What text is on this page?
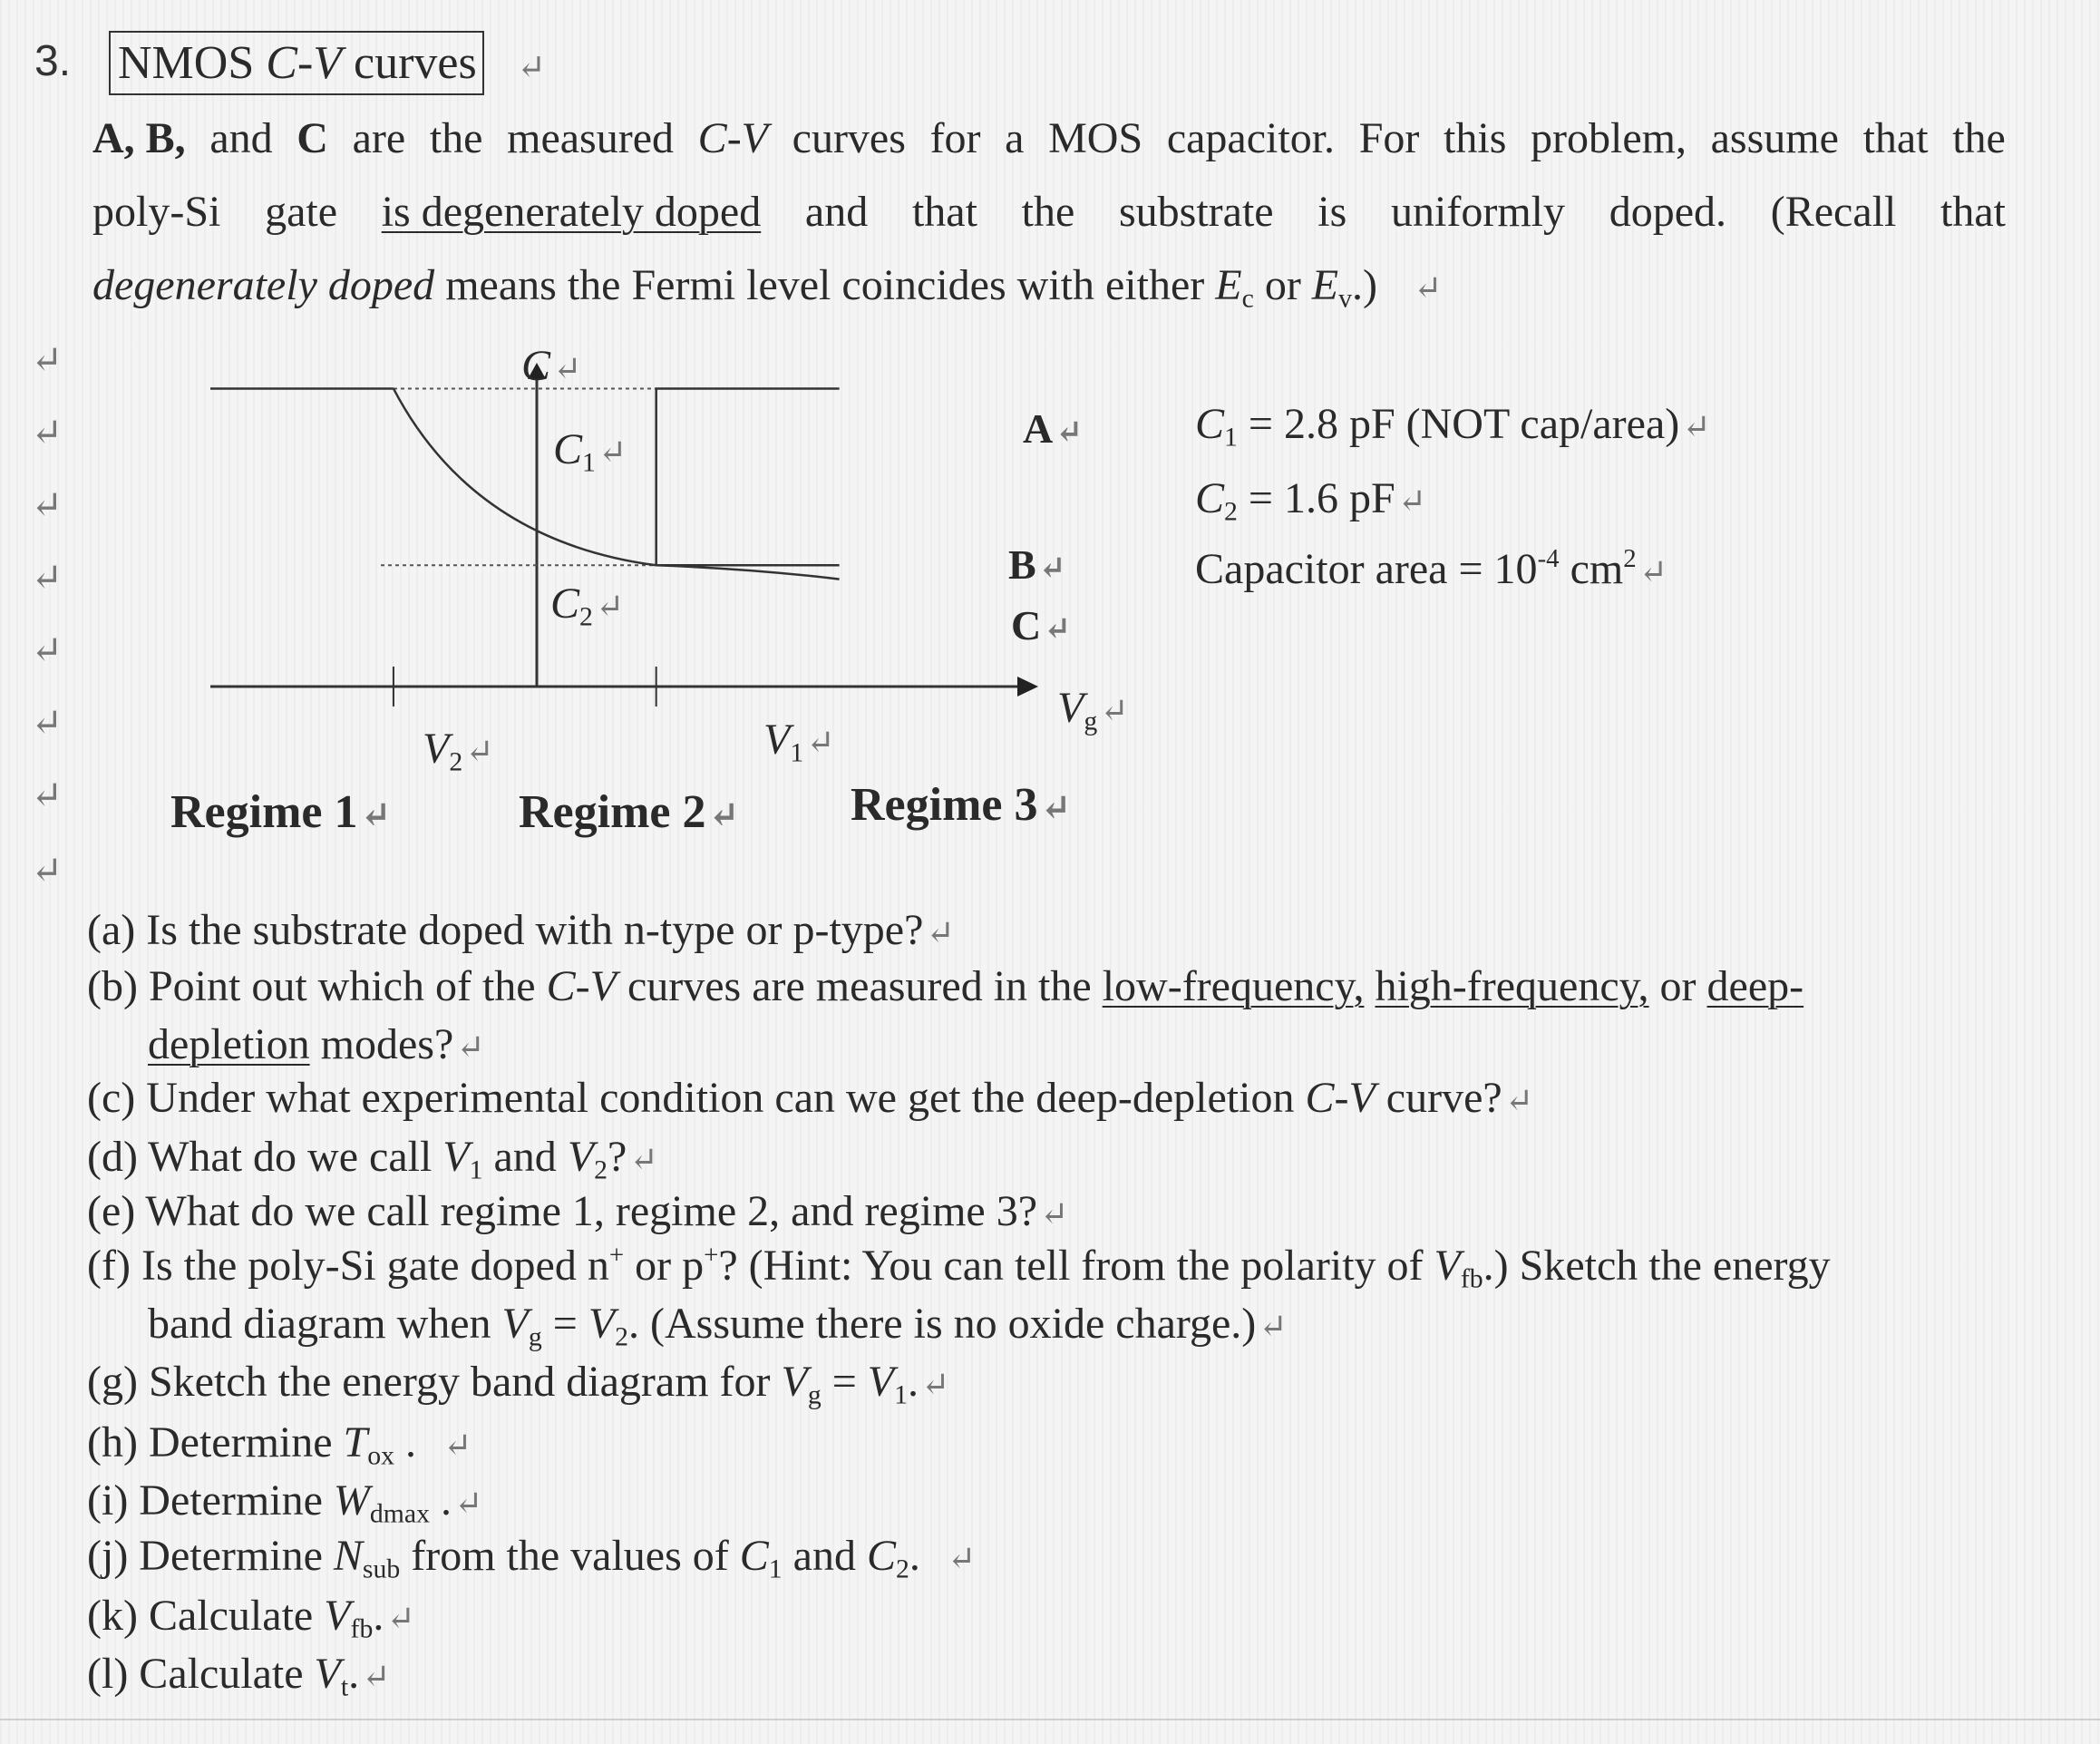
3. NMOS C-V curves ↵
A, B, and C are the measured C-V curves for a MOS capacitor. For this problem, assume that the
poly-Si gate is degenerately doped and that the substrate is uniformly doped. (Recall that
degenerately doped means the Fermi level coincides with either $E_c$ or $E_v$.) ↵
↵
↵
↵
↵
↵
↵
↵
↵
C↵
$C_1↵$
$C_2↵$
A↵
B↵
C↵
$V_g↵$
$V_2↵$	$V_1↵$
Regime 1↵	Regime 2↵ Regime 3↵
$C_1 = 2.8$ pF (NOT cap/area)↵
$C_2 = 1.6$ pF↵
Capacitor area = $10^{-4}$ $cm^2↵$
(a) Is the substrate doped with n-type or p-type?↵
(b) Point out which of the C-V curves are measured in the low-frequency, high-frequency, or deep-
depletion modes?↵
(c) Under what experimental condition can we get the deep-depletion C-V curve?↵
(d) What do we call $V_1$ and $V_2?↵$
(e) What do we call regime 1, regime 2, and regime 3?↵
(f) Is the poly-Si gate doped n+ or p+? (Hint: You can tell from the polarity of $V_{fb}$.) Sketch the energy
band diagram when $V_g = V_2$. (Assume there is no oxide charge.)↵
(g) Sketch the energy band diagram for $V_g$ = $V_1.↵$
(h) Determine $T_{ox}$ . ↵
(i) Determine $W_{dmax}$ .↵
(j) Determine $N_{sub}$ from the values of $C_1$ and $C_2$. ↵
(k) Calculate $V_{fb}.↵$
(l) Calculate $V_t.↵$
